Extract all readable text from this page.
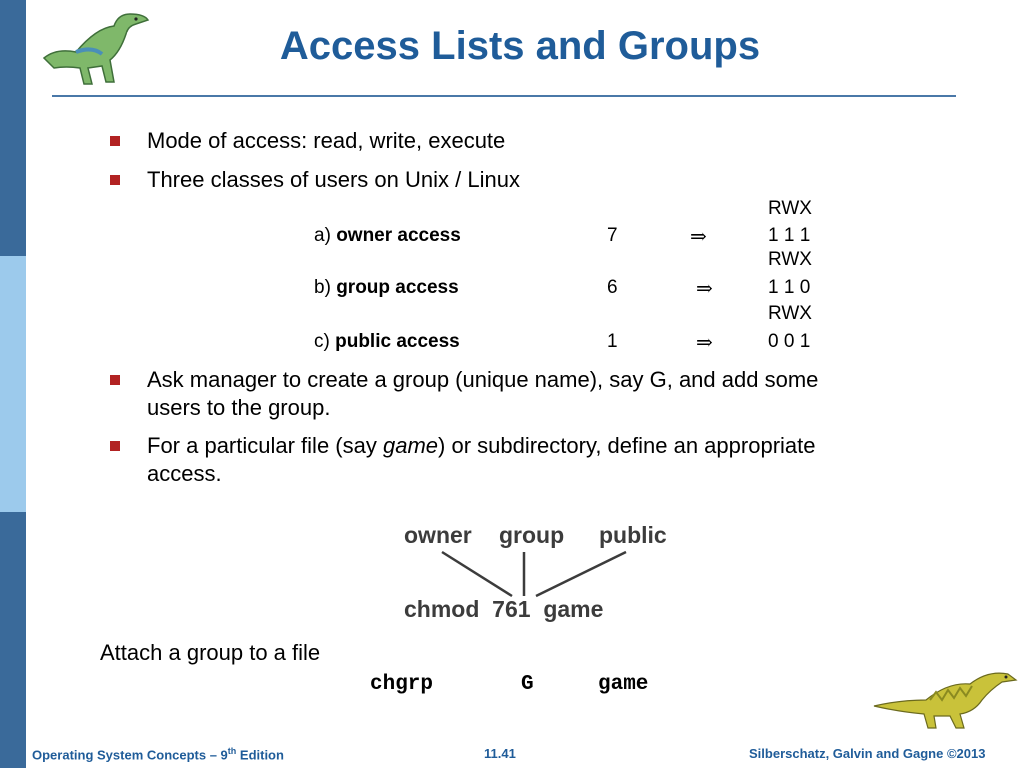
Access Lists and Groups
Mode of access: read, write, execute
Three classes of users on Unix / Linux
RWX
a) owner access	7	⇒	1 1 1
RWX
b) group access	6	⇒	1 1 0
RWX
c) public access	1	⇒	0 0 1
Ask manager to create a group (unique name), say G, and add some users to the group.
For a particular file (say game) or subdirectory, define an appropriate access.
owner group public
chmod  761  game
Attach a group to a file
chgrp	G	game
Operating System Concepts – 9th Edition	11.41	Silberschatz, Galvin and Gagne ©2013
